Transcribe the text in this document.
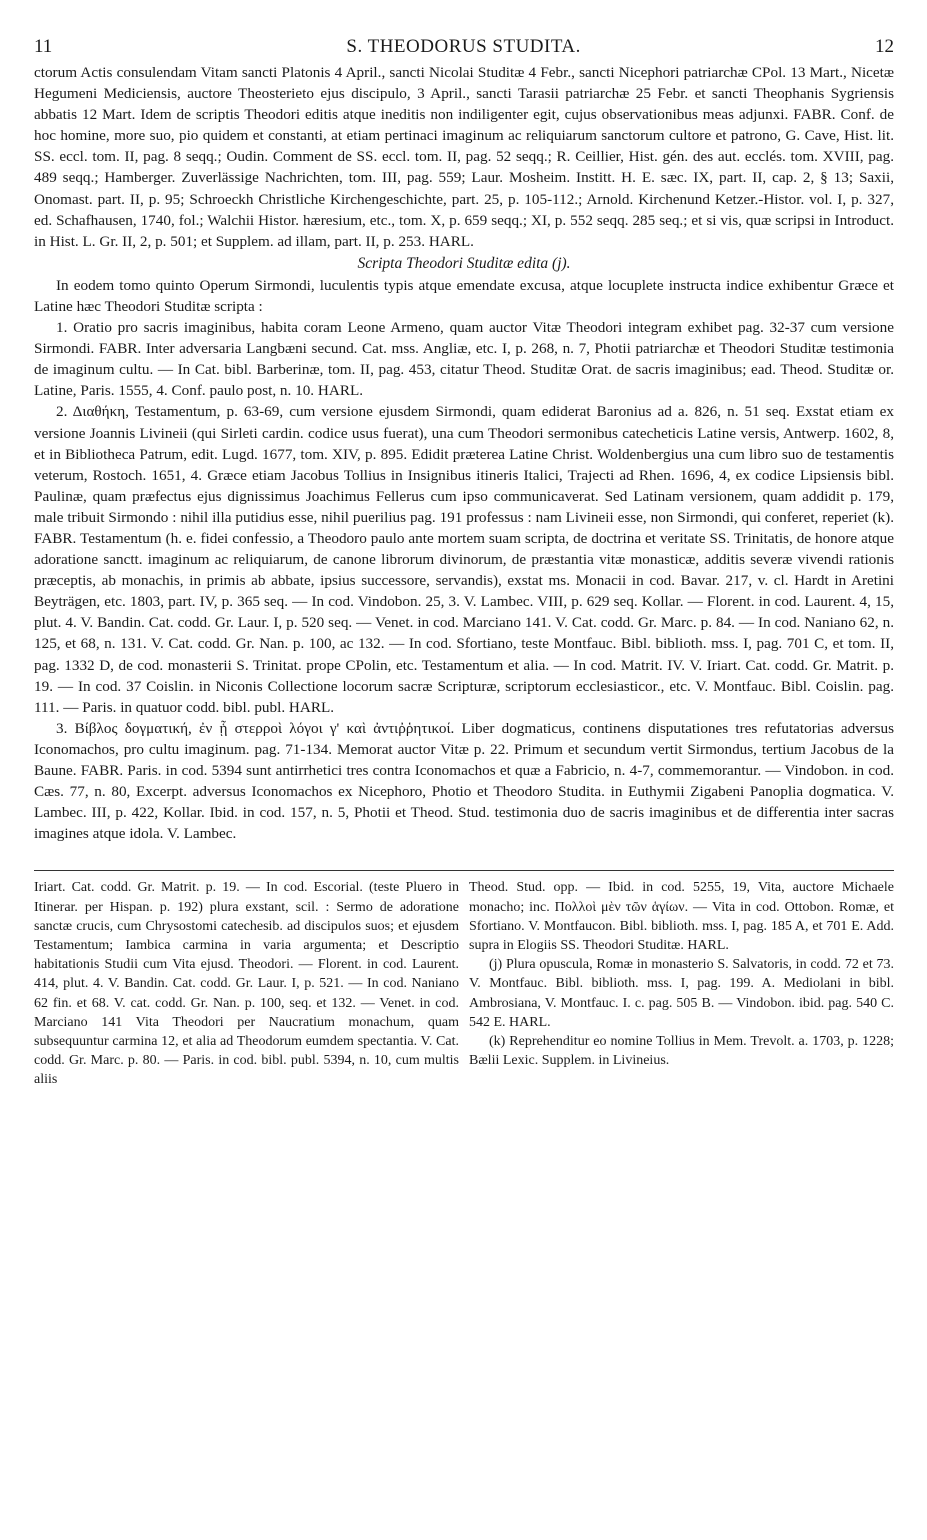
11	S. THEODORUS STUDITA.	12

ctorum Actis consulendam Vitam sancti Platonis 4 April., sancti Nicolai Studitæ 4 Febr., sancti Nicephori patriarchæ CPol. 13 Mart., Nicetæ Hegumeni Mediciensis, auctore Theosterieto ejus discipulo, 3 April., sancti Tarasii patriarchæ 25 Febr. et sancti Theophanis Sygriensis abbatis 12 Mart. Idem de scriptis Theodori editis atque ineditis non indiligenter egit, cujus observationibus meas adjunxi. FABR. Conf. de hoc homine, more suo, pio quidem et constanti, at etiam pertinaci imaginum ac reliquiarum sanctorum cultore et patrono, G. Cave, Hist. lit. SS. eccl. tom. II, pag. 8 seqq.; Oudin. Comment de SS. eccl. tom. II, pag. 52 seqq.; R. Ceillier, Hist. gén. des aut. ecclés. tom. XVIII, pag. 489 seqq.; Hamberger. Zuverlässige Nachrichten, tom. III, pag. 559; Laur. Mosheim. Institt. H. E. sæc. IX, part. II, cap. 2, § 13; Saxii, Onomast. part. II, p. 95; Schroeckh Christliche Kirchengeschichte, part. 25, p. 105-112.; Arnold. Kirchenund Ketzer.-Histor. vol. I, p. 327, ed. Schafhausen, 1740, fol.; Walchii Histor. hæresium, etc., tom. X, p. 659 seqq.; XI, p. 552 seqq. 285 seq.; et si vis, quæ scripsi in Introduct. in Hist. L. Gr. II, 2, p. 501; et Supplem. ad illam, part. II, p. 253. HARL.

Scripta Theodori Studitæ edita (j).

In eodem tomo quinto Operum Sirmondi, luculentis typis atque emendate excusa, atque locuplete instructa indice exhibentur Græce et Latine hæc Theodori Studitæ scripta :

1. Oratio pro sacris imaginibus, habita coram Leone Armeno, quam auctor Vitæ Theodori integram exhibet pag. 32-37 cum versione Sirmondi. FABR. Inter adversaria Langbæni secund. Cat. mss. Angliæ, etc. I, p. 268, n. 7, Photii patriarchæ et Theodori Studitæ testimonia de imaginum cultu. — In Cat. bibl. Barberinæ, tom. II, pag. 453, citatur Theod. Studitæ Orat. de sacris imaginibus; ead. Theod. Studitæ or. Latine, Paris. 1555, 4. Conf. paulo post, n. 10. HARL.

2. Διαθήκη, Testamentum, p. 63-69, cum versione ejusdem Sirmondi, quam ediderat Baronius ad a. 826, n. 51 seq. Exstat etiam ex versione Joannis Livineii (qui Sirleti cardin. codice usus fuerat), una cum Theodori sermonibus catecheticis Latine versis, Antwerp. 1602, 8, et in Bibliotheca Patrum, edit. Lugd. 1677, tom. XIV, p. 895. Edidit præterea Latine Christ. Woldenbergius una cum libro suo de testamentis veterum, Rostoch. 1651, 4. Græce etiam Jacobus Tollius in Insignibus itineris Italici, Trajecti ad Rhen. 1696, 4, ex codice Lipsiensis bibl. Paulinæ, quam præfectus ejus dignissimus Joachimus Fellerus cum ipso communicaverat. Sed Latinam versionem, quam addidit p. 179, male tribuit Sirmondo : nihil illa putidius esse, nihil puerilius pag. 191 professus : nam Livineii esse, non Sirmondi, qui conferet, reperiet (k). FABR. Testamentum (h. e. fidei confessio, a Theodoro paulo ante mortem suam scripta, de doctrina et veritate SS. Trinitatis, de honore atque adoratione sanctt. imaginum ac reliquiarum, de canone librorum divinorum, de præstantia vitæ monasticæ, additis severæ vivendi rationis præceptis, ab monachis, in primis ab abbate, ipsius successore, servandis), exstat ms. Monacii in cod. Bavar. 217, v. cl. Hardt in Aretini Beyträgen, etc. 1803, part. IV, p. 365 seq. — In cod. Vindobon. 25, 3. V. Lambec. VIII, p. 629 seq. Kollar. — Florent. in cod. Laurent. 4, 15, plut. 4. V. Bandin. Cat. codd. Gr. Laur. I, p. 520 seq. — Venet. in cod. Marciano 141. V. Cat. codd. Gr. Marc. p. 84. — In cod. Naniano 62, n. 125, et 68, n. 131. V. Cat. codd. Gr. Nan. p. 100, ac 132. — In cod. Sfortiano, teste Montfauc. Bibl. biblioth. mss. I, pag. 701 C, et tom. II, pag. 1332 D, de cod. monasterii S. Trinitat. prope CPolin, etc. Testamentum et alia. — In cod. Matrit. IV. V. Iriart. Cat. codd. Gr. Matrit. p. 19. — In cod. 37 Coislin. in Niconis Collectione locorum sacræ Scripturæ, scriptorum ecclesiasticor., etc. V. Montfauc. Bibl. Coislin. pag. 111. — Paris. in quatuor codd. bibl. publ. HARL.

3. Βίβλος δογματική, ἐν ᾗ στερροὶ λόγοι γ' καὶ ἀντιῤῥητικοί. Liber dogmaticus, continens disputationes tres refutatorias adversus Iconomachos, pro cultu imaginum. pag. 71-134. Memorat auctor Vitæ p. 22. Primum et secundum vertit Sirmondus, tertium Jacobus de la Baune. FABR. Paris. in cod. 5394 sunt antirrhetici tres contra Iconomachos et quæ a Fabricio, n. 4-7, commemorantur. — Vindobon. in cod. Cæs. 77, n. 80, Excerpt. adversus Iconomachos ex Nicephoro, Photio et Theodoro Studita. in Euthymii Zigabeni Panoplia dogmatica. V. Lambec. III, p. 422, Kollar. Ibid. in cod. 157, n. 5, Photii et Theod. Stud. testimonia duo de sacris imaginibus et de differentia inter sacras imagines atque idola. V. Lambec.

Iriart. Cat. codd. Gr. Matrit. p. 19. — In cod. Escorial. (teste Pluero in Itinerar. per Hispan. p. 192) plura exstant, scil. : Sermo de adoratione sanctæ crucis, cum Chrysostomi catechesib. ad discipulos suos; et ejusdem Testamentum; Iambica carmina in varia argumenta; et Descriptio habitationis Studii cum Vita ejusd. Theodori. — Florent. in cod. Laurent. 414, plut. 4. V. Bandin. Cat. codd. Gr. Laur. I, p. 521. — In cod. Naniano 62 fin. et 68. V. cat. codd. Gr. Nan. p. 100, seq. et 132. — Venet. in cod. Marciano 141 Vita Theodori per Naucratium monachum, quam subsequuntur carmina 12, et alia ad Theodorum eumdem spectantia. V. Cat. codd. Gr. Marc. p. 80. — Paris. in cod. bibl. publ. 5394, n. 10, cum multis aliis

Theod. Stud. opp. — Ibid. in cod. 5255, 19, Vita, auctore Michaele monacho; inc. Πολλοὶ μὲν τῶν ἁγίων. — Vita in cod. Ottobon. Romæ, et Sfortiano. V. Montfaucon. Bibl. biblioth. mss. I, pag. 185 A, et 701 E. Add. supra in Elogiis SS. Theodori Studitæ. HARL.

(j) Plura opuscula, Romæ in monasterio S. Salvatoris, in codd. 72 et 73. V. Montfauc. Bibl. biblioth. mss. I, pag. 199. A. Mediolani in bibl. Ambrosiana, V. Montfauc. I. c. pag. 505 B. — Vindobon. ibid. pag. 540 C. 542 E. HARL.

(k) Reprehenditur eo nomine Tollius in Mem. Trevolt. a. 1703, p. 1228; Bælii Lexic. Supplem. in Livineius.
